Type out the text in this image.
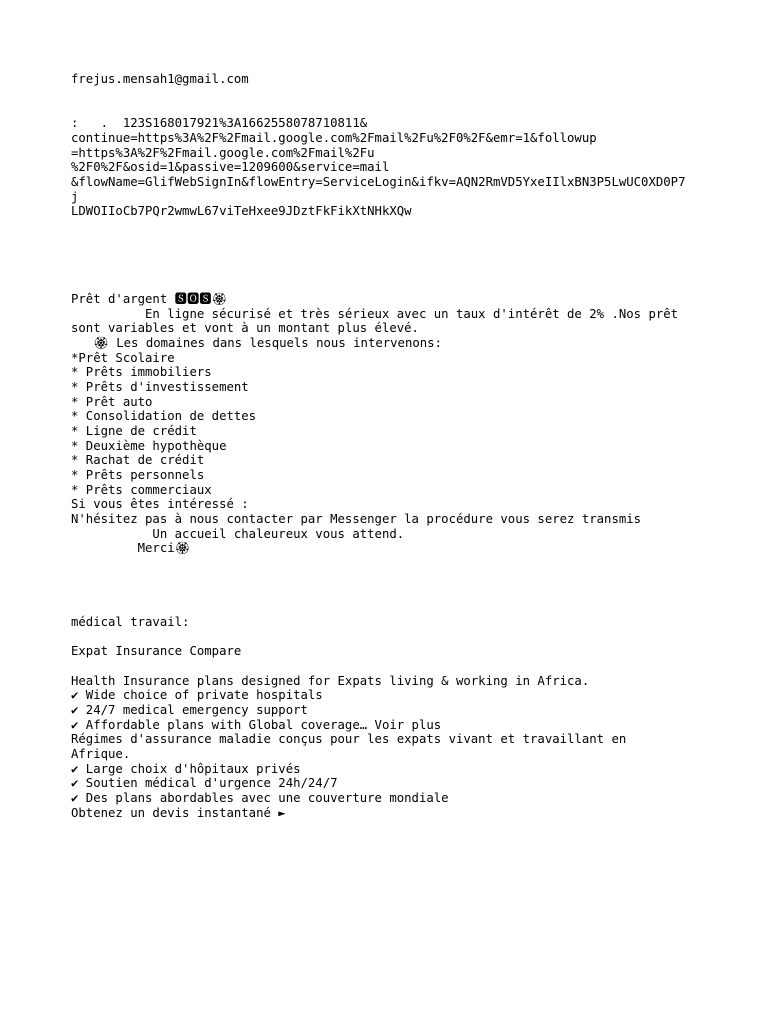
frejus.mensah1@gmail.com
:   .  123S168017921%3A1662558078710811&
continue=https%3A%2F%2Fmail.google.com%2Fmail%2Fu%2F0%2F&emr=1&followup
=https%3A%2F%2Fmail.google.com%2Fmail%2Fu
%2F0%2F&osid=1&passive=1209600&service=mail
&flowName=GlifWebSignIn&flowEntry=ServiceLogin&ifkv=AQN2RmVD5YxeIIlxBN3P5LwUC0XD0P7
j
LDWOIIoCb7PQr2wmwL67viTeHxee9JDztFkFikXtNHkXQw
Prêt d'argent 🆂🅾🆂🏵
En ligne sécurisé et très sérieux avec un taux d'intérêt de 2% .Nos prêt
sont variables et vont à un montant plus élevé.
🏵 Les domaines dans lesquels nous intervenons:
*Prêt Scolaire
* Prêts immobiliers
* Prêts d'investissement
* Prêt auto
* Consolidation de dettes
* Ligne de crédit
* Deuxième hypothèque
* Rachat de crédit
* Prêts personnels
* Prêts commerciaux
Si vous êtes intéressé :
N'hésitez pas à nous contacter par Messenger la procédure vous serez transmis
Un accueil chaleureux vous attend.
Merci🏵
médical travail:
Expat Insurance Compare
Health Insurance plans designed for Expats living & working in Africa.
✔ Wide choice of private hospitals
✔ 24/7 medical emergency support
✔ Affordable plans with Global coverage… Voir plus
Régimes d'assurance maladie conçus pour les expats vivant et travaillant en
Afrique.
✔ Large choix d'hôpitaux privés
✔ Soutien médical d'urgence 24h/24/7
✔ Des plans abordables avec une couverture mondiale
Obtenez un devis instantané ►
